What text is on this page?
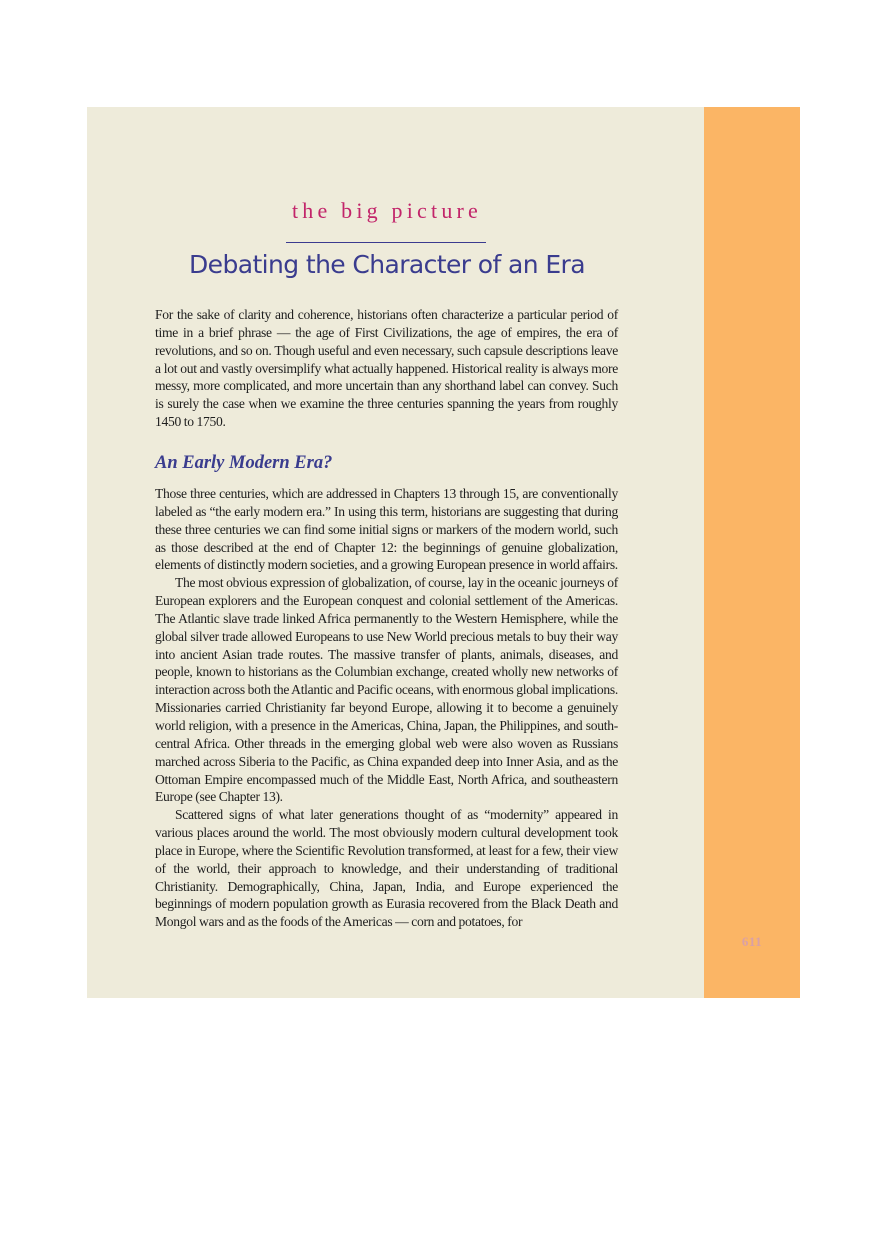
611
the big picture
Debating the Character of an Era

For the sake of clarity and coherence, historians often characterize a particular period of time in a brief phrase — the age of First Civilizations, the age of empires, the era of revolutions, and so on. Though useful and even necessary, such capsule descriptions leave a lot out and vastly oversimplify what actually happened. Historical reality is always more messy, more complicated, and more uncertain than any shorthand label can convey. Such is surely the case when we examine the three centuries spanning the years from roughly 1450 to 1750.

An Early Modern Era?

Those three centuries, which are addressed in Chapters 13 through 15, are conventionally labeled as “the early modern era.” In using this term, historians are suggesting that during these three centuries we can find some initial signs or markers of the modern world, such as those described at the end of Chapter 12: the beginnings of genuine globalization, elements of distinctly modern societies, and a growing European presence in world affairs.

The most obvious expression of globalization, of course, lay in the oceanic journeys of European explorers and the European conquest and colonial settlement of the Americas. The Atlantic slave trade linked Africa permanently to the Western Hemisphere, while the global silver trade allowed Europeans to use New World precious metals to buy their way into ancient Asian trade routes. The massive transfer of plants, animals, diseases, and people, known to historians as the Columbian exchange, created wholly new networks of interaction across both the Atlantic and Pacific oceans, with enormous global implications. Missionaries carried Christianity far beyond Europe, allowing it to become a genuinely world religion, with a presence in the Americas, China, Japan, the Philippines, and south-central Africa. Other threads in the emerging global web were also woven as Russians marched across Siberia to the Pacific, as China expanded deep into Inner Asia, and as the Ottoman Empire encompassed much of the Middle East, North Africa, and southeastern Europe (see Chapter 13).

Scattered signs of what later generations thought of as “modernity” appeared in various places around the world. The most obviously modern cultural development took place in Europe, where the Scientific Revolution transformed, at least for a few, their view of the world, their approach to knowledge, and their understanding of traditional Christianity. Demographically, China, Japan, India, and Europe experienced the beginnings of modern population growth as Eurasia recovered from the Black Death and Mongol wars and as the foods of the Americas — corn and potatoes, for
